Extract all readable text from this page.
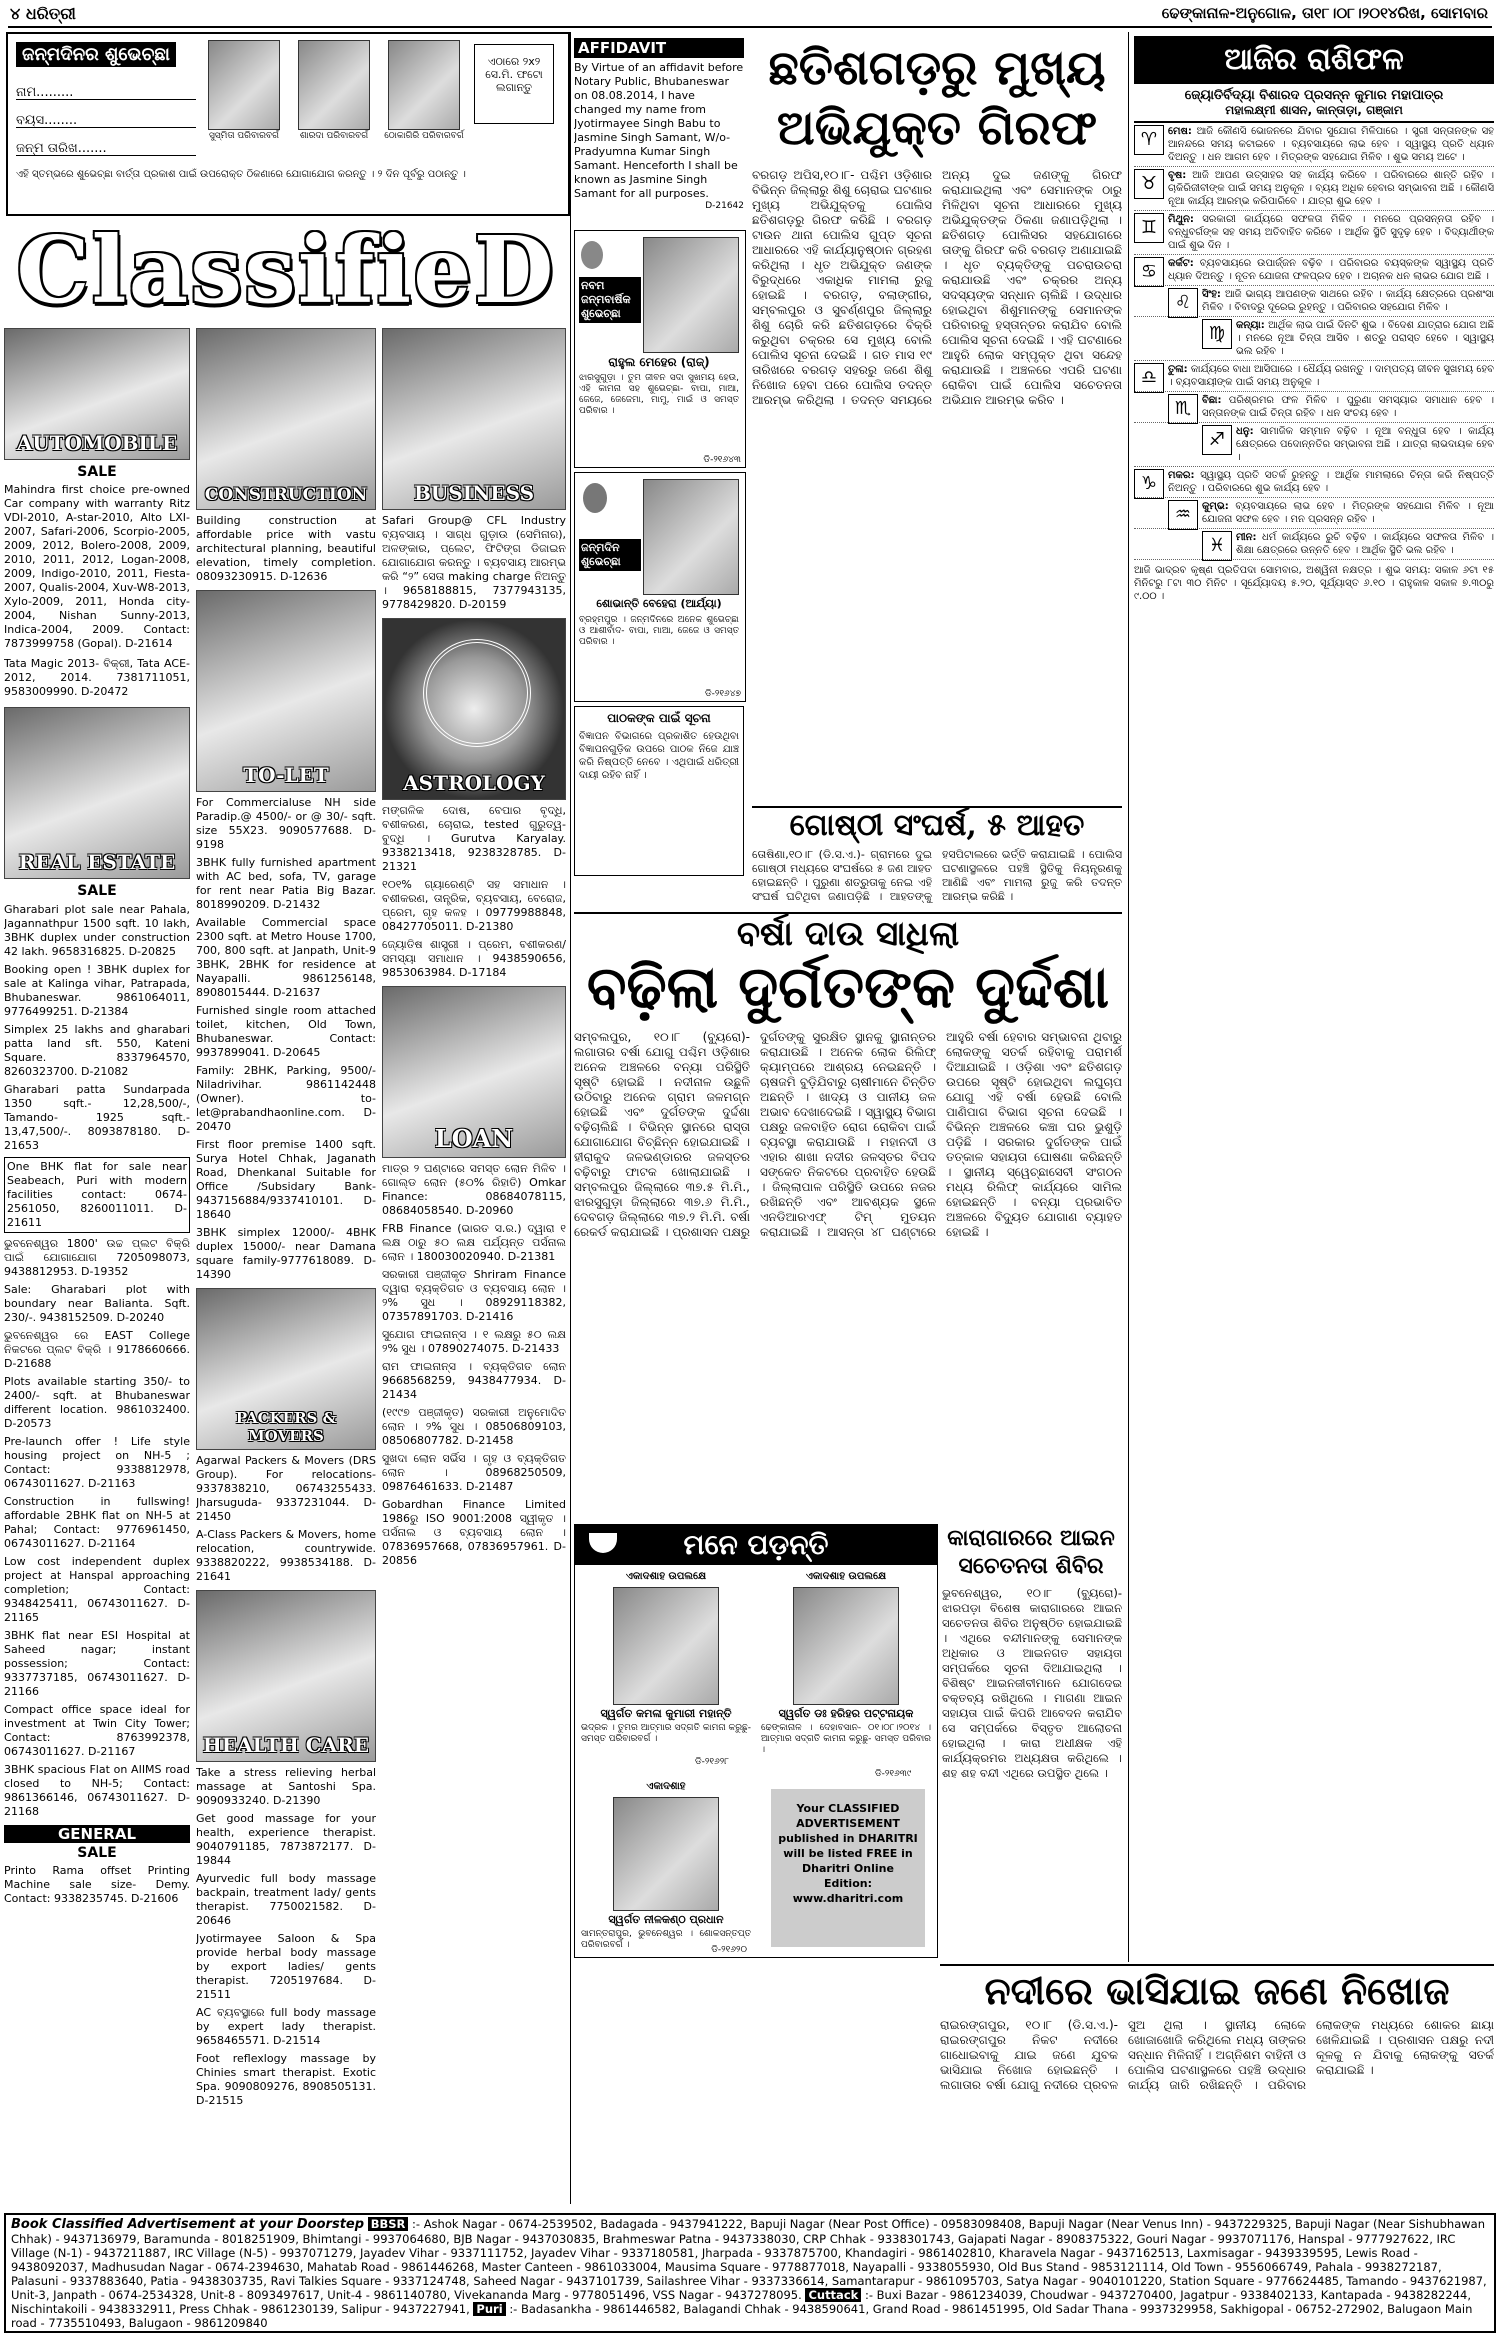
୪ ଧରିତ୍ରୀ	ଢେଙ୍କାନାଳ-ଅନୁଗୋଳ, ତା୧୮।୦୮।୨୦୧୪ରିଖ, ସୋମବାର
ଜନ୍ମଦିନର ଶୁଭେଚ୍ଛା
ନାମ.........
ବୟସ........
ଜନ୍ମ ତାରିଖ.......
ସୁସ୍ମିତା ପରିବାରବର୍ଗ	ଶାରଦା ପରିବାରବର୍ଗ	ଠୋକାଗିରି ପରିବାରବର୍ଗ
ଏଠାରେ ୨x୨ ସେ.ମି. ଫଟୋ ଲଗାନ୍ତୁ
ଏହି ସ୍ତମ୍ଭରେ ଶୁଭେଚ୍ଛା ବାର୍ତ୍ତା ପ୍ରକାଶ ପାଇଁ ଉପରୋକ୍ତ ଠିକଣାରେ ଯୋଗାଯୋଗ କରନ୍ତୁ । ୨ ଦିନ ପୂର୍ବରୁ ପଠାନ୍ତୁ ।
ClassifieD
AUTOMOBILE
SALE
Mahindra first choice pre-owned Car company with warranty Ritz VDI-2010, A-star-2010, Alto LXI-2007, Safari-2006, Scorpio-2005, 2009, 2012, Bolero-2008, 2009, 2010, 2011, 2012, Logan-2008, 2009, Indigo-2010, 2011, Fiesta-2007, Qualis-2004, Xuv-W8-2013, Xylo-2009, 2011, Honda city-2004, Nishan Sunny-2013, Indica-2004, 2009. Contact: 7873999758 (Gopal). D-21614
Tata Magic 2013- ବିକ୍ରୀ, Tata ACE-2012, 2014. 7381711051, 9583009990. D-20472
REAL ESTATE
SALE
Gharabari plot sale near Pahala, Jagannathpur 1500 sqft. 10 lakh, 3BHK duplex under construction 42 lakh. 9658316825. D-20825
Booking open ! 3BHK duplex for sale at Kalinga vihar, Patrapada, Bhubaneswar. 9861064011, 9776499251. D-21384
Simplex 25 lakhs and gharabari patta land sft. 550, Kateni Square. 8337964570, 8260323700. D-21082
Gharabari patta Sundarpada 1350 sqft.- 12,28,500/-, Tamando- 1925 sqft.- 13,47,500/-. 8093878180. D-21653
One BHK flat for sale near Seabeach, Puri with modern facilities contact: 0674-2561050, 8260011011. D-21611
ଭୁବନେଶ୍ୱର 1800' ଉଚ୍ଚ ପ୍ଲଟ ବିକ୍ରି ପାଇଁ ଯୋଗାଯୋଗ 7205098073, 9438812953. D-19352
Sale: Gharabari plot with boundary near Balianta. Sqft. 230/-. 9438152509. D-20240
ଭୁବନେଶ୍ୱର ରେ EAST College ନିକଟରେ ପ୍ଲଟ ବିକ୍ରି । 9178660666. D-21688
Plots available starting 350/- to 2400/- sqft. at Bhubaneswar different location. 9861032400. D-20573
Pre-launch offer ! Life style housing project on NH-5 ; Contact: 9338812978, 06743011627. D-21163
Construction in fullswing! affordable 2BHK flat on NH-5 at Pahal; Contact: 9776961450, 06743011627. D-21164
Low cost independent duplex project at Hanspal approaching completion; Contact: 9348425411, 06743011627. D-21165
3BHK flat near ESI Hospital at Saheed nagar; instant possession; Contact: 9337737185, 06743011627. D-21166
Compact office space ideal for investment at Twin City Tower; Contact: 8763992378, 06743011627. D-21167
3BHK spacious Flat on AIIMS road closed to NH-5; Contact: 9861366146, 06743011627. D-21168
GENERAL
SALE
Printo Rama offset Printing Machine sale size- Demy. Contact: 9338235745. D-21606
CONSTRUCTION
Building construction at affordable price with vastu architectural planning, beautiful elevation, timely completion. 08093230915. D-12636
TO-LET
For Commercialuse NH side Paradip.@ 4500/- or @ 30/- sqft. size 55X23. 9090577688. D-9198
3BHK fully furnished apartment with AC bed, sofa, TV, garage for rent near Patia Big Bazar. 8018990209. D-21432
Available Commercial space 2300 sqft. at Metro House 1700, 700, 800 sqft. at Janpath, Unit-9 3BHK, 2BHK for residence at Nayapalli. 9861256148, 8908015444. D-21637
Furnished single room attached toilet, kitchen, Old Town, Bhubaneswar. Contact: 9937899041. D-20645
Family: 2BHK, Parking, 9500/- Niladrivihar. 9861142448 (Owner). to-let@prabandhaonline.com. D-20470
First floor premise 1400 sqft. Surya Hotel Chhak, Jaganath Road, Dhenkanal Suitable for Office /Subsidary Bank- 9437156884/9337410101. D-18640
3BHK simplex 12000/- 4BHK duplex 15000/- near Damana square family-9777618089. D-14390
PACKERS & MOVERS
Agarwal Packers & Movers (DRS Group). For relocations- 9337838210, 06743255433. Jharsuguda- 9337231044. D-21450
A-Class Packers & Movers, home relocation, countrywide. 9338820222, 9938534188. D-21641
HEALTH CARE
Take a stress relieving herbal massage at Santoshi Spa. 9090933240. D-21390
Get good massage for your health, experience therapist. 9040791185, 7873872177. D-19844
Ayurvedic full body massage backpain, treatment lady/ gents therapist. 7750021582. D-20646
Jyotirmayee Saloon & Spa provide herbal body massage by export ladies/ gents therapist. 7205197684. D-21511
AC ବ୍ୟବସ୍ଥାରେ full body massage by expert lady therapist. 9658465571. D-21514
Foot reflexlogy massage by Chinies smart therapist. Exotic Spa. 9090809276, 8908505131. D-21515
BUSINESS
Safari Group@ CFL Industry ବ୍ୟବସାୟ । ସାଗ୍ଧ ଗୁଡ଼ାଉ (ସେମିନାର), ଅଳଙ୍କାର, ପ୍ଲେଟ, ଫିଟିଙ୍ଗ ଡିଜାଇନ ଯୋଗାଯୋଗ କରନ୍ତୁ । ବ୍ୟବସାୟ ଆରମ୍ଭ କରି “୨” ସେତା making charge ନିଅନ୍ତୁ । 9658188815, 7377943135, 9778429820. D-20159
ASTROLOGY
ମଙ୍ଗଳିକ ଦୋଷ, ବେପାର ବୃଦ୍ଧି, ବଶୀକରଣ, ଚୋରାଇ, tested ଗୁରୁତ୍ୱ- ବୁଦ୍ଧି । Gurutva Karyalay. 9338213418, 9238328785. D-21321
୧୦୧% ଗ୍ୟାରେଣ୍ଟି ସହ ସମାଧାନ । ବଶୀକରଣ, ତାନ୍ତ୍ରିକ, ବ୍ୟବସାୟ, ବେରୋଜ, ପ୍ରେମ, ଗୃହ କଳହ । 09779988848, 08427705011. D-21380
ଜ୍ୟୋତିଷ ଶାସ୍ତ୍ରୀ । ପ୍ରେମ, ବଶୀକରଣ/ ସମସ୍ୟା ସମାଧାନ । 9438590656, 9853063984. D-17184
LOAN
ମାତ୍ର ୨ ଘଣ୍ଟାରେ ସମସ୍ତ ଲୋନ ମିଳିବ । ଗୋଲ୍ଡ ଲୋନ (୫୦% ରିହାତି) Omkar Finance: 08684078115, 08684058540. D-20960
FRB Finance (ଭାରତ ସ.ର.) ଦ୍ୱାରା ୧ ଲକ୍ଷ ଠାରୁ ୫୦ ଲକ୍ଷ ପର୍ଯ୍ୟନ୍ତ ପର୍ସନାଲ ଲୋନ । 180030020940. D-21381
ସରକାରୀ ପଞ୍ଜୀକୃତ Shriram Finance ଦ୍ୱାରା ବ୍ୟକ୍ତିଗତ ଓ ବ୍ୟବସାୟ ଲୋନ । ୨% ସୁଧ । 08929118382, 07357891703. D-21416
ସୁଯୋଗ ଫାଇନାନ୍ସ । ୧ ଲକ୍ଷରୁ ୫୦ ଲକ୍ଷ ୨% ସୁଧ । 07890274075. D-21433
ରାମ ଫାଇନାନ୍ସ । ବ୍ୟକ୍ତିଗତ ଲୋନ 9668568259, 9438477934. D-21434
(୧୯୯୭ ପଞ୍ଜୀକୃତ) ସରକାରୀ ଅନୁମୋଦିତ ଲୋନ । ୨% ସୁଧ । 08506809103, 08506807782. D-21458
ସୁଖଦା ଲୋନ ସର୍ଭିସ । ଗୃହ ଓ ବ୍ୟକ୍ତିଗତ ଲୋନ । 08968250509, 09876461633. D-21487
Gobardhan Finance Limited 1986ରୁ ISO 9001:2008 ସ୍ୱୀକୃତ । ପର୍ସନାଲ ଓ ବ୍ୟବସାୟ ଲୋନ । 07836957668, 07836957961. D-20856
AFFIDAVIT
By Virtue of an affidavit before Notary Public, Bhubaneswar on 08.08.2014, I have changed my name from Jyotirmayee Singh Babu to Jasmine Singh Samant, W/o- Pradyumna Kumar Singh Samant. Henceforth I shall be known as Jasmine Singh Samant for all purposes.
D-21642
ନବମ ଜନ୍ମବାର୍ଷିକ ଶୁଭେଚ୍ଛା
ରାହୁଲ ମେହେର (ରାଜ୍)
ଝାରସୁଗୁଡ଼ା । ତୁମ ଜୀବନ ସଦା ସୁଖମୟ ହେଉ, ଏହି କାମନା ସହ ଶୁଭେଚ୍ଛା- ବାପା, ମାଆ, ଜେଜେ, ଜେଜେମା, ମାମୁ, ମାଇଁ ଓ ସମସ୍ତ ପରିବାର ।
ଡି-୨୧୬୪୩
ଜନ୍ମଦିନ ଶୁଭେଚ୍ଛା
ଶୋଭାନ୍ତି ବେହେରା (ଆର୍ଯ୍ୟା)
ବ୍ରହ୍ମପୁର । ଜନ୍ମଦିନରେ ଅନେକ ଶୁଭେଚ୍ଛା ଓ ଆଶୀର୍ବାଦ- ବାପା, ମାଆ, ଜେଜେ ଓ ସମସ୍ତ ପରିବାର ।
ଡି-୨୧୬୪୭
ପାଠକଙ୍କ ପାଇଁ ସୂଚନା
ବିଜ୍ଞାପନ ବିଭାଗରେ ପ୍ରକାଶିତ ହେଉଥିବା ବିଜ୍ଞାପନଗୁଡ଼ିକ ଉପରେ ପାଠକ ନିଜେ ଯାଞ୍ଚ କରି ନିଷ୍ପତ୍ତି ନେବେ । ଏଥିପାଇଁ ଧରିତ୍ରୀ ଦାୟୀ ରହିବ ନାହିଁ ।
ଛତିଶଗଡ଼ରୁ ମୁଖ୍ୟ
ଅଭିଯୁକ୍ତ ଗିରଫ
ବରଗଡ଼ ଅପିସ,୧୦।୮- ପଶ୍ଚିମ ଓଡ଼ିଶାର ବିଭିନ୍ନ ଜିଲ୍ଲାରୁ ଶିଶୁ ଚୋରାଇ ଘଟଣାର ମୁଖ୍ୟ ଅଭିଯୁକ୍ତକୁ ପୋଲିସ ଛତିଶଗଡ଼ରୁ ଗିରଫ କରିଛି । ବରଗଡ଼ ଟାଉନ ଥାନା ପୋଲିସ ଗୁପ୍ତ ସୂଚନା ଆଧାରରେ ଏହି କାର୍ଯ୍ୟାନୁଷ୍ଠାନ ଗ୍ରହଣ କରିଥିଲା । ଧୃତ ଅଭିଯୁକ୍ତ ଜଣଙ୍କ ବିରୁଦ୍ଧରେ ଏକାଧିକ ମାମଲା ରୁଜୁ ହୋଇଛି । ବରଗଡ଼, ବଲାଙ୍ଗୀର, ସମ୍ବଲପୁର ଓ ସୁବର୍ଣ୍ଣପୁର ଜିଲ୍ଲାରୁ ଶିଶୁ ଚୋରି କରି ଛତିଶଗଡ଼ରେ ବିକ୍ରି କରୁଥିବା ଚକ୍ରର ସେ ମୁଖ୍ୟ ବୋଲି ପୋଲିସ ସୂଚନା ଦେଇଛି । ଗତ ମାସ ୧୯ ତାରିଖରେ ବରଗଡ଼ ସହରରୁ ଜଣେ ଶିଶୁ ନିଖୋଜ ହେବା ପରେ ପୋଲିସ ତଦନ୍ତ ଆରମ୍ଭ କରିଥିଲା । ତଦନ୍ତ ସମୟରେ ଅନ୍ୟ ଦୁଇ ଜଣଙ୍କୁ ଗିରଫ କରାଯାଇଥିଲା ଏବଂ ସେମାନଙ୍କ ଠାରୁ ମିଳିଥିବା ସୂଚନା ଆଧାରରେ ମୁଖ୍ୟ ଅଭିଯୁକ୍ତଙ୍କ ଠିକଣା ଜଣାପଡ଼ିଥିଲା । ଛତିଶଗଡ଼ ପୋଲିସର ସହଯୋଗରେ ତାଙ୍କୁ ଗିରଫ କରି ବରଗଡ଼ ଅଣାଯାଇଛି । ଧୃତ ବ୍ୟକ୍ତିଙ୍କୁ ପଚରାଉଚରା କରାଯାଉଛି ଏବଂ ଚକ୍ରର ଅନ୍ୟ ସଦସ୍ୟଙ୍କ ସନ୍ଧାନ ଚାଲିଛି । ଉଦ୍ଧାର ହୋଇଥିବା ଶିଶୁମାନଙ୍କୁ ସେମାନଙ୍କ ପରିବାରକୁ ହସ୍ତାନ୍ତର କରାଯିବ ବୋଲି ପୋଲିସ ସୂଚନା ଦେଇଛି । ଏହି ଘଟଣାରେ ଆହୁରି ଲୋକ ସମ୍ପୃକ୍ତ ଥିବା ସନ୍ଦେହ କରାଯାଉଛି । ଅଞ୍ଚଳରେ ଏପରି ଘଟଣା ରୋକିବା ପାଇଁ ପୋଲିସ ସଚେତନତା ଅଭିଯାନ ଆରମ୍ଭ କରିବ ।
ଗୋଷ୍ଠୀ ସଂଘର୍ଷ, ୫ ଆହତ
ତୋଷିଣା,୧୦।୮ (ଡି.ସ.ଏ.)- ଗ୍ରାମରେ ଦୁଇ ଗୋଷ୍ଠୀ ମଧ୍ୟରେ ସଂଘର୍ଷରେ ୫ ଜଣ ଆହତ ହୋଇଛନ୍ତି । ପୁରୁଣା ଶତ୍ରୁତାକୁ ନେଇ ଏହି ସଂଘର୍ଷ ଘଟିଥିବା ଜଣାପଡ଼ିଛି । ଆହତଙ୍କୁ ହସପିଟାଲରେ ଭର୍ତ୍ତି କରାଯାଇଛି । ପୋଲିସ ଘଟଣାସ୍ଥଳରେ ପହଞ୍ଚି ସ୍ଥିତିକୁ ନିୟନ୍ତ୍ରଣକୁ ଆଣିଛି ଏବଂ ମାମଲା ରୁଜୁ କରି ତଦନ୍ତ ଆରମ୍ଭ କରିଛି ।
ବର୍ଷା ଦାଉ ସାଧିଲା
ବଢ଼ିଲା ଦୁର୍ଗତଙ୍କ ଦୁର୍ଦ୍ଦଶା
ସମ୍ବଲପୁର, ୧୦।୮ (ବ୍ୟୁରୋ)- ଲଗାତାର ବର୍ଷା ଯୋଗୁ ପଶ୍ଚିମ ଓଡ଼ିଶାର ଅନେକ ଅଞ୍ଚଳରେ ବନ୍ୟା ପରିସ୍ଥିତି ସୃଷ୍ଟି ହୋଇଛି । ନଦୀନାଳ ଉଛୁଳି ଉଠିବାରୁ ଅନେକ ଗ୍ରାମ ଜଳମଗ୍ନ ହୋଇଛି ଏବଂ ଦୁର୍ଗତଙ୍କ ଦୁର୍ଦ୍ଦଶା ବଢ଼ିଚାଲିଛି । ବିଭିନ୍ନ ସ୍ଥାନରେ ରାସ୍ତା ଯୋଗାଯୋଗ ବିଚ୍ଛିନ୍ନ ହୋଇଯାଇଛି । ହୀରାକୁଦ ଜଳଭଣ୍ଡାରର ଜଳସ୍ତର ବଢ଼ିବାରୁ ଫାଟକ ଖୋଲାଯାଇଛି । ସମ୍ବଲପୁର ଜିଲ୍ଲାରେ ୩୭.୫ ମି.ମି., ଝାରସୁଗୁଡ଼ା ଜିଲ୍ଲାରେ ୩୭.୬ ମି.ମି., ଦେବଗଡ଼ ଜିଲ୍ଲାରେ ୩୭.୨ ମି.ମି. ବର୍ଷା ରେକର୍ଡ କରାଯାଇଛି । ପ୍ରଶାସନ ପକ୍ଷରୁ ଦୁର୍ଗତଙ୍କୁ ସୁରକ୍ଷିତ ସ୍ଥାନକୁ ସ୍ଥାନାନ୍ତର କରାଯାଉଛି । ଅନେକ ଲୋକ ରିଲିଫ୍ କ୍ୟାମ୍ପରେ ଆଶ୍ରୟ ନେଇଛନ୍ତି । ଚାଷଜମି ବୁଡ଼ିଯିବାରୁ ଚାଷୀମାନେ ଚିନ୍ତିତ ଅଛନ୍ତି । ଖାଦ୍ୟ ଓ ପାନୀୟ ଜଳ ଅଭାବ ଦେଖାଦେଇଛି । ସ୍ୱାସ୍ଥ୍ୟ ବିଭାଗ ପକ୍ଷରୁ ଜଳବାହିତ ରୋଗ ରୋକିବା ପାଇଁ ବ୍ୟବସ୍ଥା କରାଯାଉଛି । ମହାନଦୀ ଓ ଏହାର ଶାଖା ନଦୀର ଜଳସ୍ତର ବିପଦ ସଙ୍କେତ ନିକଟରେ ପ୍ରବାହିତ ହେଉଛି । ଜିଲ୍ଲାପାଳ ପରିସ୍ଥିତି ଉପରେ ନଜର ରଖିଛନ୍ତି ଏବଂ ଆବଶ୍ୟକ ସ୍ଥଳେ ଏନଡିଆରଏଫ୍ ଟିମ୍ ମୁତୟନ କରାଯାଇଛି । ଆସନ୍ତା ୪୮ ଘଣ୍ଟାରେ ଆହୁରି ବର୍ଷା ହେବାର ସମ୍ଭାବନା ଥିବାରୁ ଲୋକଙ୍କୁ ସତର୍କ ରହିବାକୁ ପରାମର୍ଶ ଦିଆଯାଇଛି । ଓଡ଼ିଶା ଏବଂ ଛତିଶଗଡ଼ ଉପରେ ସୃଷ୍ଟି ହୋଇଥିବା ଲଘୁଚାପ ଯୋଗୁ ଏହି ବର୍ଷା ହେଉଛି ବୋଲି ପାଣିପାଗ ବିଭାଗ ସୂଚନା ଦେଇଛି । ବିଭିନ୍ନ ଅଞ୍ଚଳରେ କଞ୍ଚା ଘର ଭୁଶୁଡ଼ି ପଡ଼ିଛି । ସରକାର ଦୁର୍ଗତଙ୍କ ପାଇଁ ତତ୍କାଳ ସହାୟତା ଘୋଷଣା କରିଛନ୍ତି । ସ୍ଥାନୀୟ ସ୍ୱେଚ୍ଛାସେବୀ ସଂଗଠନ ମଧ୍ୟ ରିଲିଫ୍ କାର୍ଯ୍ୟରେ ସାମିଲ ହୋଇଛନ୍ତି । ବନ୍ୟା ପ୍ରଭାବିତ ଅଞ୍ଚଳରେ ବିଦ୍ୟୁତ ଯୋଗାଣ ବ୍ୟାହତ ହୋଇଛି ।
ମନେ ପଡ଼ନ୍ତି
ଏକାଦଶାହ ଉପଲକ୍ଷେ
ସ୍ୱର୍ଗତ କମଳା କୁମାରୀ ମହାନ୍ତି
ଭଦ୍ରକ । ତୁମର ଆତ୍ମାର ସଦ୍‌ଗତି କାମନା କରୁଛୁ- ସମସ୍ତ ପରିବାରବର୍ଗ ।
ଡି-୨୧୬୨୮
ଏକାଦଶାହ ଉପଲକ୍ଷେ
ସ୍ୱର୍ଗତ ଡଃ ହରିହର ପଟ୍ଟନାୟକ
ଢେଙ୍କାନାଳ । ଦେହାବସାନ- ୦୧।୦୮।୨୦୧୪ । ଆତ୍ମାର ସଦ୍‌ଗତି କାମନା କରୁଛୁ- ସମସ୍ତ ପରିବାର ।
ଡି-୨୧୬୩୯
ଏକାଦଶାହ
ସ୍ୱର୍ଗତ ନୀଳକଣ୍ଠ ପ୍ରଧାନ
ସାମନ୍ତରାପୁର, ଭୁବନେଶ୍ୱର । ଶୋକସନ୍ତପ୍ତ ପରିବାରବର୍ଗ ।	ଡି-୨୧୬୨୦
Your CLASSIFIED ADVERTISEMENT published in DHARITRI will be listed FREE in Dharitri Online Edition: www.dharitri.com
କାରାଗାରରେ ଆଇନ
ସଚେତନତା ଶିବିର
ଭୁବନେଶ୍ୱର, ୧୦।୮ (ବ୍ୟୁରୋ)- ଝାରପଡ଼ା ବିଶେଷ କାରାଗାରରେ ଆଇନ ସଚେତନତା ଶିବିର ଅନୁଷ୍ଠିତ ହୋଇଯାଇଛି । ଏଥିରେ ବନ୍ଦୀମାନଙ୍କୁ ସେମାନଙ୍କ ଅଧିକାର ଓ ଆଇନଗତ ସହାୟତା ସମ୍ପର୍କରେ ସୂଚନା ଦିଆଯାଇଥିଲା । ବିଶିଷ୍ଟ ଆଇନଜୀବୀମାନେ ଯୋଗଦେଇ ବକ୍ତବ୍ୟ ରଖିଥିଲେ । ମାଗଣା ଆଇନ ସହାୟତା ପାଇଁ କିପରି ଆବେଦନ କରାଯିବ ସେ ସମ୍ପର୍କରେ ବିସ୍ତୃତ ଆଲୋଚନା ହୋଇଥିଲା । କାରା ଅଧୀକ୍ଷକ ଏହି କାର୍ଯ୍ୟକ୍ରମର ଅଧ୍ୟକ୍ଷତା କରିଥିଲେ । ଶହ ଶହ ବନ୍ଦୀ ଏଥିରେ ଉପସ୍ଥିତ ଥିଲେ ।
ଆଜିର ରାଶିଫଳ
ଜ୍ୟୋତିର୍ବିଦ୍ୟା ବିଶାରଦ ପ୍ରସନ୍ନ କୁମାର ମହାପାତ୍ର
ମହାଲକ୍ଷ୍ମୀ ଶାସନ, କାନ୍ତାଡ଼ା, ଗଞ୍ଜାମ
♈	ମେଷ: ଆଜି କୌଣସି ଭୋଜନରେ ଯିବାର ସୁଯୋଗ ମିଳିପାରେ । ସ୍ତ୍ରୀ ସନ୍ତାନଙ୍କ ସହ ଆନନ୍ଦରେ ସମୟ କଟାଇବେ । ବ୍ୟବସାୟରେ ଲାଭ ହେବ । ସ୍ୱାସ୍ଥ୍ୟ ପ୍ରତି ଧ୍ୟାନ ଦିଅନ୍ତୁ । ଧନ ଆଗମ ହେବ । ମିତ୍ରଙ୍କ ସହଯୋଗ ମିଳିବ । ଶୁଭ ସମୟ ଅଟେ ।
♉	ବୃଷ: ଆଜି ଆପଣ ଉତ୍ସାହର ସହ କାର୍ଯ୍ୟ କରିବେ । ପରିବାରରେ ଶାନ୍ତି ରହିବ । ଚାକିରିଜୀବୀଙ୍କ ପାଇଁ ସମୟ ଅନୁକୂଳ । ବ୍ୟୟ ଅଧିକ ହେବାର ସମ୍ଭାବନା ଅଛି । କୌଣସି ନୂଆ କାର୍ଯ୍ୟ ଆରମ୍ଭ କରିପାରିବେ । ଯାତ୍ରା ଶୁଭ ହେବ ।
♊	ମିଥୁନ: ସରକାରୀ କାର୍ଯ୍ୟରେ ସଫଳତା ମିଳିବ । ମନରେ ପ୍ରସନ୍ନତା ରହିବ । ବନ୍ଧୁବର୍ଗଙ୍କ ସହ ସମୟ ଅତିବାହିତ କରିବେ । ଆର୍ଥିକ ସ୍ଥିତି ସୁଦୃଢ଼ ହେବ । ବିଦ୍ୟାର୍ଥୀଙ୍କ ପାଇଁ ଶୁଭ ଦିନ ।
♋	କର୍କଟ: ବ୍ୟବସାୟରେ ଉପାର୍ଜ୍ଜନ ବଢ଼ିବ । ପରିବାରର ବୟସ୍କଙ୍କ ସ୍ୱାସ୍ଥ୍ୟ ପ୍ରତି ଧ୍ୟାନ ଦିଅନ୍ତୁ । ନୂତନ ଯୋଜନା ଫଳପ୍ରଦ ହେବ । ଅଚାନକ ଧନ ଲାଭର ଯୋଗ ଅଛି ।
♌	ସିଂହ: ଆଜି ଭାଗ୍ୟ ଆପଣଙ୍କ ସାଥରେ ରହିବ । କାର୍ଯ୍ୟ କ୍ଷେତ୍ରରେ ପ୍ରଶଂସା ମିଳିବ । ବିବାଦରୁ ଦୂରେଇ ରୁହନ୍ତୁ । ପରିବାରର ସହଯୋଗ ମିଳିବ ।
♍	କନ୍ୟା: ଆର୍ଥିକ ଲାଭ ପାଇଁ ଦିନଟି ଶୁଭ । ବିଦେଶ ଯାତ୍ରାର ଯୋଗ ଅଛି । ମନରେ ନୂଆ ଚିନ୍ତା ଆସିବ । ଶତ୍ରୁ ପରାସ୍ତ ହେବେ । ସ୍ୱାସ୍ଥ୍ୟ ଭଲ ରହିବ ।
♎	ତୁଳା: କାର୍ଯ୍ୟରେ ବାଧା ଆସିପାରେ । ଧୈର୍ଯ୍ୟ ରଖନ୍ତୁ । ଦାମ୍ପତ୍ୟ ଜୀବନ ସୁଖମୟ ହେବ । ବ୍ୟବସାୟୀଙ୍କ ପାଇଁ ସମୟ ଅନୁକୂଳ ।
♏	ବିଛା: ପରିଶ୍ରମର ଫଳ ମିଳିବ । ପୁରୁଣା ସମସ୍ୟାର ସମାଧାନ ହେବ । ସନ୍ତାନଙ୍କ ପାଇଁ ଚିନ୍ତା ରହିବ । ଧନ ସଂଚୟ ହେବ ।
♐	ଧନୁ: ସାମାଜିକ ସମ୍ମାନ ବଢ଼ିବ । ନୂଆ ବନ୍ଧୁତା ହେବ । କାର୍ଯ୍ୟ କ୍ଷେତ୍ରରେ ପଦୋନ୍ନତିର ସମ୍ଭାବନା ଅଛି । ଯାତ୍ରା ଲାଭଦାୟକ ହେବ ।
♑	ମକର: ସ୍ୱାସ୍ଥ୍ୟ ପ୍ରତି ସତର୍କ ରୁହନ୍ତୁ । ଆର୍ଥିକ ମାମଲାରେ ଚିନ୍ତା କରି ନିଷ୍ପତ୍ତି ନିଅନ୍ତୁ । ପରିବାରରେ ଶୁଭ କାର୍ଯ୍ୟ ହେବ ।
♒	କୁମ୍ଭ: ବ୍ୟବସାୟରେ ଲାଭ ହେବ । ମିତ୍ରଙ୍କ ସହଯୋଗ ମିଳିବ । ନୂଆ ଯୋଜନା ସଫଳ ହେବ । ମନ ପ୍ରସନ୍ନ ରହିବ ।
♓	ମୀନ: ଧର୍ମ କାର୍ଯ୍ୟରେ ରୁଚି ବଢ଼ିବ । କାର୍ଯ୍ୟରେ ସଫଳତା ମିଳିବ । ଶିକ୍ଷା କ୍ଷେତ୍ରରେ ଉନ୍ନତି ହେବ । ଆର୍ଥିକ ସ୍ଥିତି ଭଲ ରହିବ ।
ଆଜି ଭାଦ୍ରବ କୃଷ୍ଣ ପ୍ରତିପଦା ସୋମବାର, ଅଶ୍ୱିନୀ ନକ୍ଷତ୍ର । ଶୁଭ ସମୟ: ସକାଳ ୬ଟା ୧୫ ମିନିଟରୁ ୮ଟା ୩୦ ମିନିଟ । ସୂର୍ଯ୍ୟୋଦୟ ୫.୨୦, ସୂର୍ଯ୍ୟାସ୍ତ ୬.୧୦ । ରାହୁକାଳ ସକାଳ ୭.୩୦ରୁ ୯.୦୦ ।
ନଦୀରେ ଭାସିଯାଇ ଜଣେ ନିଖୋଜ
ରାଇରଙ୍ଗପୁର, ୧୦।୮ (ଡି.ସ.ଏ.)- ରାଇରଙ୍ଗପୁର ନିକଟ ନଦୀରେ ଗାଧୋଇବାକୁ ଯାଇ ଜଣେ ଯୁବକ ଭାସିଯାଇ ନିଖୋଜ ହୋଇଛନ୍ତି । ଲଗାତାର ବର୍ଷା ଯୋଗୁ ନଦୀରେ ପ୍ରବଳ ସୁଅ ଥିଲା । ସ୍ଥାନୀୟ ଲୋକେ ଖୋଜାଖୋଜି କରିଥିଲେ ମଧ୍ୟ ତାଙ୍କର ସନ୍ଧାନ ମିଳିନାହିଁ । ଅଗ୍ନିଶମ ବାହିନୀ ଓ ପୋଲିସ ଘଟଣାସ୍ଥଳରେ ପହଞ୍ଚି ଉଦ୍ଧାର କାର୍ଯ୍ୟ ଜାରି ରଖିଛନ୍ତି । ପରିବାର ଲୋକଙ୍କ ମଧ୍ୟରେ ଶୋକର ଛାୟା ଖେଳିଯାଇଛି । ପ୍ରଶାସନ ପକ୍ଷରୁ ନଦୀ କୂଳକୁ ନ ଯିବାକୁ ଲୋକଙ୍କୁ ସତର୍କ କରାଯାଇଛି ।
Book Classified Advertisement at your Doorstep BBSR :- Ashok Nagar - 0674-2539502, Badagada - 9437941222, Bapuji Nagar (Near Post Office) - 09583098408, Bapuji Nagar (Near Venus Inn) - 9437229325, Bapuji Nagar (Near Sishubhawan Chhak) - 9437136979, Baramunda - 8018251909, Bhimtangi - 9937064680, BJB Nagar - 9437030835, Brahmeswar Patna - 9437338030, CRP Chhak - 9338301743, Gajapati Nagar - 8908375322, Gouri Nagar - 9937071176, Hanspal - 9777927622, IRC Village (N-1) - 9437211887, IRC Village (N-5) - 9937071279, Jayadev Vihar - 9337111752, Jayadev Vihar - 9337180581, Jharpada - 9337875700, Khandagiri - 9861402810, Kharavela Nagar - 9437162513, Laxmisagar - 9439339595, Lewis Road - 9438092037, Madhusudan Nagar - 0674-2394630, Mahatab Road - 9861446268, Master Canteen - 9861033004, Mausima Square - 9778877018, Nayapalli - 9338055930, Old Bus Stand - 9853121114, Old Town - 9556066749, Pahala - 9938272187, Palasuni - 9337883640, Patia - 9438303735, Ravi Talkies Square - 9337124748, Saheed Nagar - 9437101739, Sailashree Vihar - 9337336614, Samantarapur - 9861095703, Satya Nagar - 9040101220, Station Square - 9776624485, Tamando - 9437621987, Unit-3, Janpath - 0674-2534328, Unit-8 - 8093497617, Unit-4 - 9861140780, Vivekananda Marg - 9778051496, VSS Nagar - 9437278095. Cuttack :- Buxi Bazar - 9861234039, Choudwar - 9437270400, Jagatpur - 9338402133, Kantapada - 9438282244, Nischintakoili - 9438332911, Press Chhak - 9861230139, Salipur - 9437227941, Puri :- Badasankha - 9861446582, Balagandi Chhak - 9438590641, Grand Road - 9861451995, Old Sadar Thana - 9937329958, Sakhigopal - 06752-272902, Balugaon Main road - 7735510493, Balugaon - 9861209840
